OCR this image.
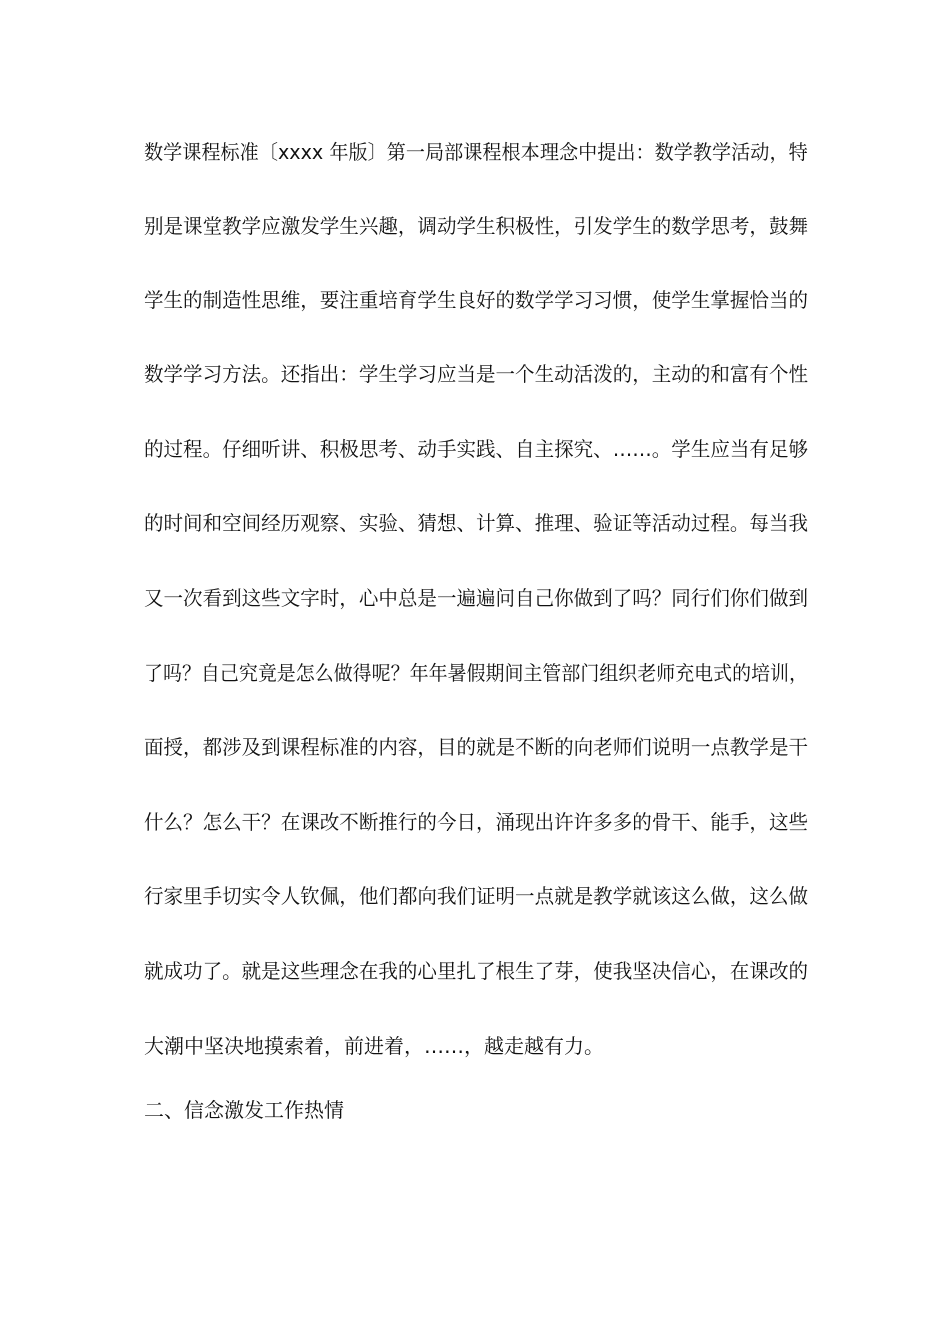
数学课程标准〔xxxx 年版〕第一局部课程根本理念中提出：数学教学活动，特
别是课堂教学应激发学生兴趣，调动学生积极性，引发学生的数学思考，鼓舞
学生的制造性思维，要注重培育学生良好的数学学习习惯，使学生掌握恰当的
数学学习方法。还指出：学生学习应当是一个生动活泼的，主动的和富有个性
的过程。仔细听讲、积极思考、动手实践、自主探究、……。学生应当有足够
的时间和空间经历观察、实验、猜想、计算、推理、验证等活动过程。每当我
又一次看到这些文字时，心中总是一遍遍问自己你做到了吗？同行们你们做到
了吗？自己究竟是怎么做得呢？年年暑假期间主管部门组织老师充电式的培训，
面授，都涉及到课程标准的内容，目的就是不断的向老师们说明一点教学是干
什么？怎么干？在课改不断推行的今日，涌现出许许多多的骨干、能手，这些
行家里手切实令人钦佩，他们都向我们证明一点就是教学就该这么做，这么做
就成功了。就是这些理念在我的心里扎了根生了芽，使我坚决信心，在课改的
大潮中坚决地摸索着，前进着，……，越走越有力。
二、信念激发工作热情
